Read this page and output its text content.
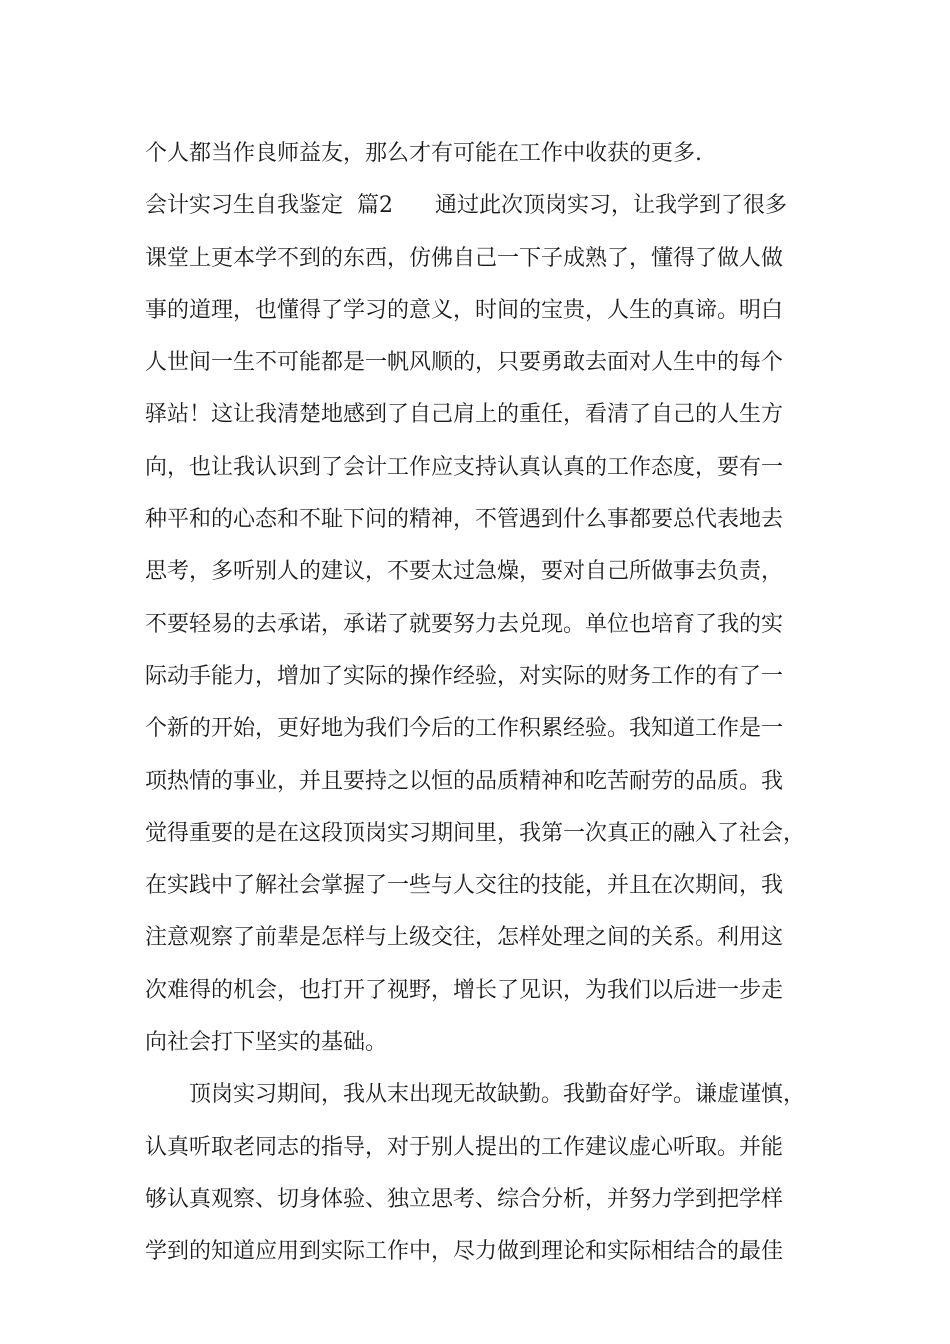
个人都当作良师益友，那么才有可能在工作中收获的更多.
会计实习生自我鉴定  篇2      通过此次顶岗实习，让我学到了很多
课堂上更本学不到的东西，仿佛自己一下子成熟了，懂得了做人做
事的道理，也懂得了学习的意义，时间的宝贵，人生的真谛。明白
人世间一生不可能都是一帆风顺的，只要勇敢去面对人生中的每个
驿站！这让我清楚地感到了自己肩上的重任，看清了自己的人生方
向，也让我认识到了会计工作应支持认真认真的工作态度，要有一
种平和的心态和不耻下问的精神，不管遇到什么事都要总代表地去
思考，多听别人的建议，不要太过急燥，要对自己所做事去负责，
不要轻易的去承诺，承诺了就要努力去兑现。单位也培育了我的实
际动手能力，增加了实际的操作经验，对实际的财务工作的有了一
个新的开始，更好地为我们今后的工作积累经验。我知道工作是一
项热情的事业，并且要持之以恒的品质精神和吃苦耐劳的品质。我
觉得重要的是在这段顶岗实习期间里，我第一次真正的融入了社会，
在实践中了解社会掌握了一些与人交往的技能，并且在次期间，我
注意观察了前辈是怎样与上级交往，怎样处理之间的关系。利用这
次难得的机会，也打开了视野，增长了见识，为我们以后进一步走
向社会打下坚实的基础。
顶岗实习期间，我从末出现无故缺勤。我勤奋好学。谦虚谨慎，
认真听取老同志的指导，对于别人提出的工作建议虚心听取。并能
够认真观察、切身体验、独立思考、综合分析，并努力学到把学样
学到的知道应用到实际工作中，尽力做到理论和实际相结合的最佳
